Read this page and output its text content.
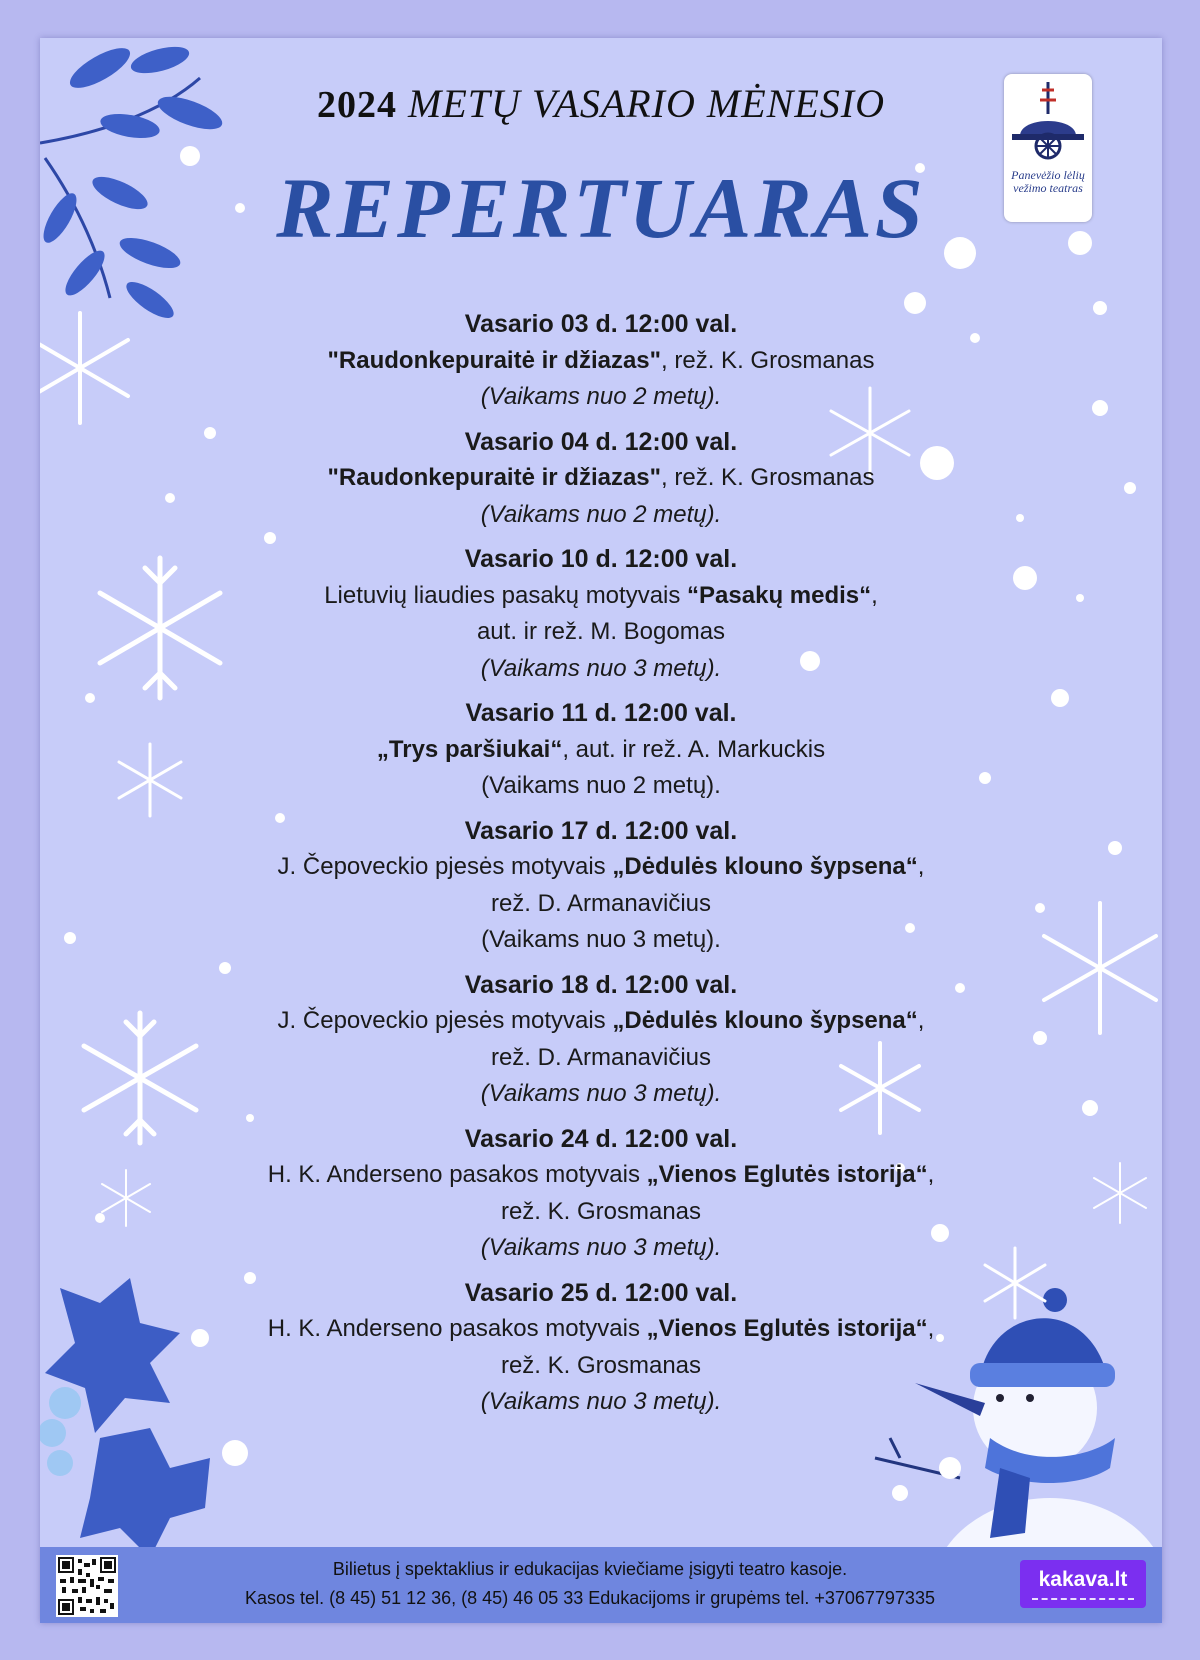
2024 METŲ VASARIO MĖNESIO
REPERTUARAS	Panevėžio lėlių vežimo teatras
Vasario 03 d. 12:00 val.
"Raudonkepuraitė ir džiazas", rež. K. Grosmanas
(Vaikams nuo 2 metų).
Vasario 04 d. 12:00 val.
"Raudonkepuraitė ir džiazas", rež. K. Grosmanas
(Vaikams nuo 2 metų).
Vasario 10 d. 12:00 val.
Lietuvių liaudies pasakų motyvais “Pasakų medis“,
aut. ir rež. M. Bogomas
(Vaikams nuo 3 metų).
Vasario 11 d. 12:00 val.
„Trys paršiukai“, aut. ir rež. A. Markuckis
(Vaikams nuo 2 metų).
Vasario 17 d. 12:00 val.
J. Čepoveckio pjesės motyvais „Dėdulės klouno šypsena“,
rež. D. Armanavičius
(Vaikams nuo 3 metų).
Vasario 18 d. 12:00 val.
J. Čepoveckio pjesės motyvais „Dėdulės klouno šypsena“,
rež. D. Armanavičius
(Vaikams nuo 3 metų).
Vasario 24 d. 12:00 val.
H. K. Anderseno pasakos motyvais „Vienos Eglutės istorija“,
rež. K. Grosmanas
(Vaikams nuo 3 metų).
Vasario 25 d. 12:00 val.
H. K. Anderseno pasakos motyvais „Vienos Eglutės istorija“,
rež. K. Grosmanas
(Vaikams nuo 3 metų).
Bilietus į spektaklius ir edukacijas kviečiame įsigyti teatro kasoje.
Kasos tel. (8 45) 51 12 36, (8 45) 46 05 33 Edukacijoms ir grupėms tel. +37067797335
kakava.lt
